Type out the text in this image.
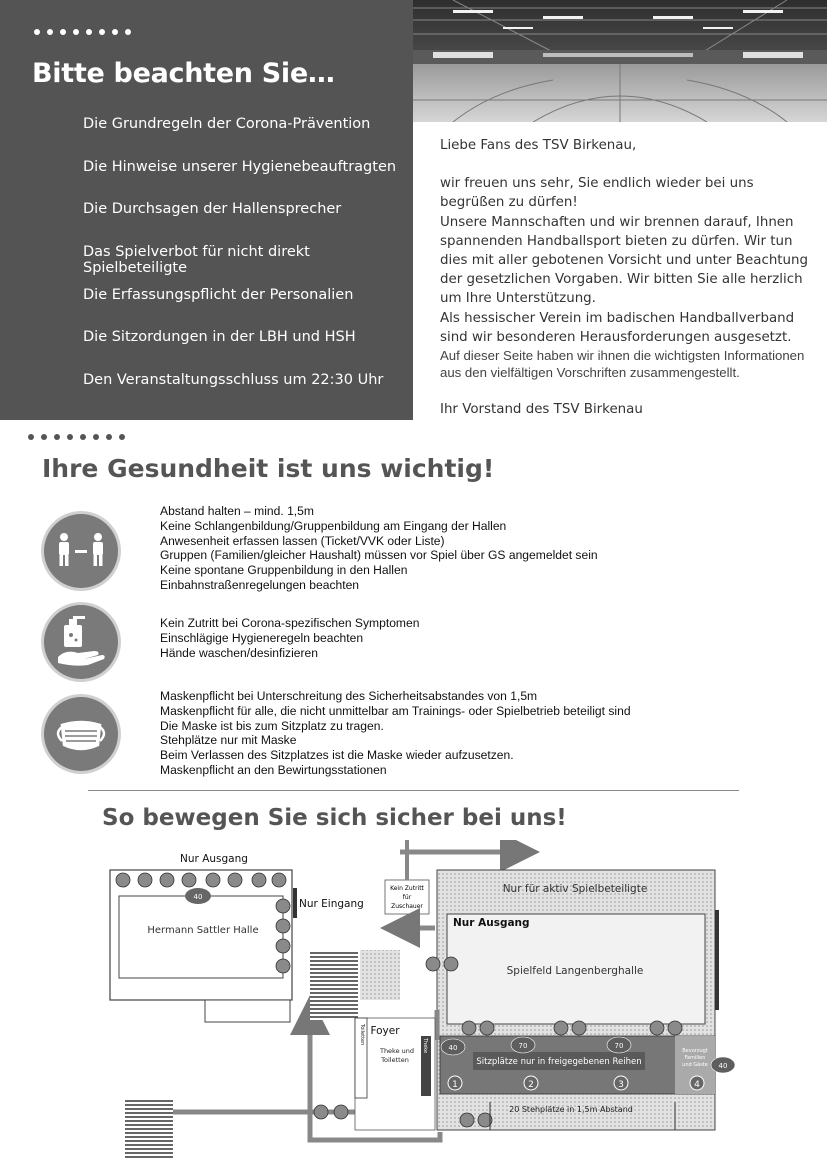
Bitte beachten Sie…
Die Grundregeln der Corona-Prävention
Die Hinweise unserer Hygienebeauftragten
Die Durchsagen der Hallensprecher
Das Spielverbot für nicht direkt Spielbeteiligte
Die Erfassungspflicht der Personalien
Die Sitzordungen in der LBH und HSH
Den Veranstaltungsschluss um 22:30 Uhr

Liebe Fans des TSV Birkenau,

wir freuen uns sehr, Sie endlich wieder bei uns begrüßen zu dürfen!

Unsere Mannschaften und wir brennen darauf, Ihnen spannenden Handballsport bieten zu dürfen. Wir tun dies mit aller gebotenen Vorsicht und unter Beachtung der gesetzlichen Vorgaben. Wir bitten Sie alle herzlich um Ihre Unterstützung.

Als hessischer Verein im badischen Handballverband sind wir besonderen Herausforderungen ausgesetzt.

Auf dieser Seite haben wir ihnen die wichtigsten Informationen aus den vielfältigen Vorschriften zusammengestellt.

Ihr Vorstand des TSV Birkenau

Ihre Gesundheit ist uns wichtig!
Abstand halten – mind. 1,5m
Keine Schlangenbildung/Gruppenbildung am Eingang der Hallen
Anwesenheit erfassen lassen (Ticket/VVK oder Liste)
Gruppen (Familien/gleicher Haushalt) müssen vor Spiel über GS angemeldet sein
Keine spontane Gruppenbildung in den Hallen
Einbahnstraßenregelungen beachten
Kein Zutritt bei Corona-spezifischen Symptomen
Einschlägige Hygieneregeln beachten
Hände waschen/desinfizieren
Maskenpflicht bei Unterschreitung des Sicherheitsabstandes von 1,5m
Maskenpflicht für alle, die nicht unmittelbar am Trainings- oder Spielbetrieb beteiligt sind
Die Maske ist bis zum Sitzplatz zu tragen.
Stehplätze nur mit Maske
Beim Verlassen des Sitzplatzes ist die Maske wieder aufzusetzen.
Maskenpflicht an den Bewirtungsstationen
So bewegen Sie sich sicher bei uns!
Nur Ausgang
Nur Eingang
Hermann Sattler Halle
40
Kein Zutritt
für
Zuschauer
Nur für aktiv Spielbeteiligte
Nur Ausgang
Spielfeld Langenberghalle
Sitzplätze nur in freigegebenen Reihen
40	70	70
40
Bevorzugt
Familien
und Gäste
1	2	3	4
20 Stehplätze in 1,5m Abstand
Foyer
Theke und
Toiletten
Toiletten
Theke
